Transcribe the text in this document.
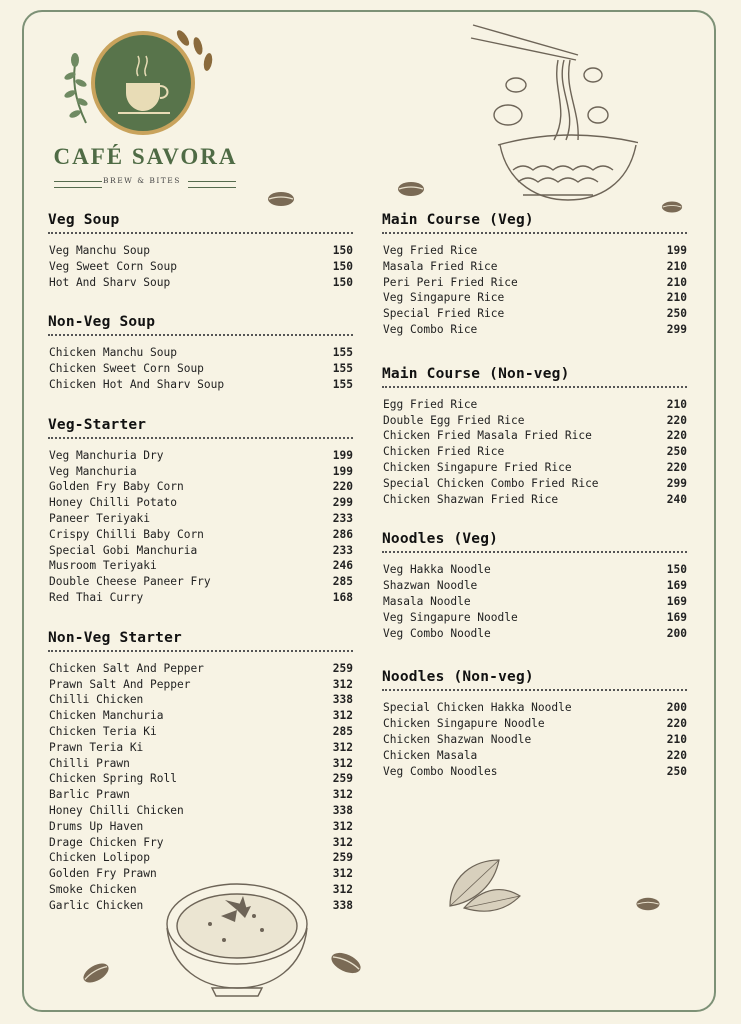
CAFÉ SAVORA
BREW & BITES
Veg Soup
Veg Manchu Soup	150
Veg Sweet Corn Soup	150
Hot And Sharv Soup	150
Non-Veg Soup
Chicken Manchu Soup	155
Chicken Sweet Corn Soup	155
Chicken Hot And Sharv Soup	155
Veg-Starter
Veg Manchuria Dry	199
Veg Manchuria	199
Golden Fry Baby Corn	220
Honey Chilli Potato	299
Paneer Teriyaki	233
Crispy Chilli Baby Corn	286
Special Gobi Manchuria	233
Musroom Teriyaki	246
Double Cheese Paneer Fry	285
Red Thai Curry	168
Non-Veg Starter
Chicken Salt And Pepper	259
Prawn Salt And Pepper	312
Chilli Chicken	338
Chicken Manchuria	312
Chicken Teria Ki	285
Prawn Teria Ki	312
Chilli Prawn	312
Chicken Spring Roll	259
Barlic Prawn	312
Honey Chilli Chicken	338
Drums Up Haven	312
Drage Chicken Fry	312
Chicken Lolipop	259
Golden Fry Prawn	312
Smoke Chicken	312
Garlic Chicken	338
Main Course (Veg)
Veg Fried Rice	199
Masala Fried Rice	210
Peri Peri Fried Rice	210
Veg Singapure Rice	210
Special Fried Rice	250
Veg Combo Rice	299
Main Course (Non-veg)
Egg Fried Rice	210
Double Egg Fried Rice	220
Chicken Fried Masala Fried Rice	220
Chicken Fried Rice	250
Chicken Singapure Fried Rice	220
Special Chicken Combo Fried Rice	299
Chicken Shazwan Fried Rice	240
Noodles (Veg)
Veg Hakka Noodle	150
Shazwan Noodle	169
Masala Noodle	169
Veg Singapure Noodle	169
Veg Combo Noodle	200
Noodles (Non-veg)
Special Chicken Hakka Noodle	200
Chicken Singapure Noodle	220
Chicken Shazwan Noodle	210
Chicken Masala	220
Veg Combo Noodles	250
